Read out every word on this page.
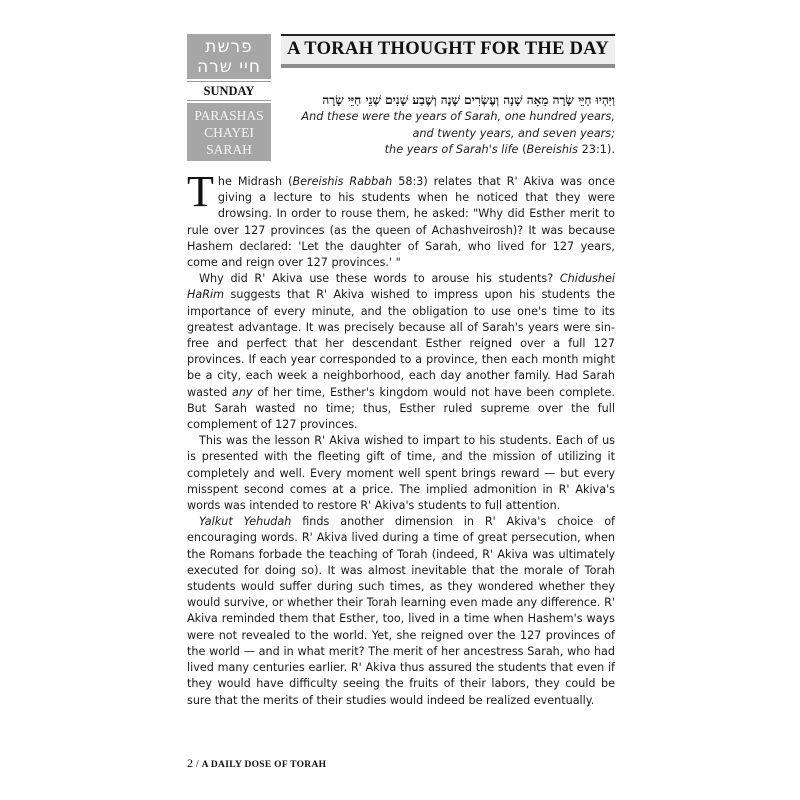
פרשת
חיי שרה
SUNDAY
PARASHAS
CHAYEI
SARAH
A TORAH THOUGHT FOR THE DAY
וַיִּהְיוּ חַיֵּי שָׂרָה מֵאָה שָׁנָה וְעֶשְׂרִים שָׁנָה וְשֶׁבַע שָׁנִים שְׁנֵי חַיֵּי שָׂרָה
And these were the years of Sarah, one hundred years,
and twenty years, and seven years;
the years of Sarah's life (Bereishis 23:1).

The Midrash (Bereishis Rabbah 58:3) relates that R' Akiva was once giving a lecture to his students when he noticed that they were drowsing. In order to rouse them, he asked: "Why did Esther merit to rule over 127 provinces (as the queen of Achashveirosh)? It was because Hashem declared: 'Let the daughter of Sarah, who lived for 127 years, come and reign over 127 provinces.' "

Why did R' Akiva use these words to arouse his students? Chidushei HaRim suggests that R' Akiva wished to impress upon his students the importance of every minute, and the obligation to use one's time to its greatest advantage. It was precisely because all of Sarah's years were sin-free and perfect that her descendant Esther reigned over a full 127 provinces. If each year corresponded to a province, then each month might be a city, each week a neighborhood, each day another family. Had Sarah wasted any of her time, Esther's kingdom would not have been complete. But Sarah wasted no time; thus, Esther ruled supreme over the full complement of 127 provinces.

This was the lesson R' Akiva wished to impart to his students. Each of us is presented with the fleeting gift of time, and the mission of utilizing it completely and well. Every moment well spent brings reward — but every misspent second comes at a price. The implied admonition in R' Akiva's words was intended to restore R' Akiva's students to full attention.

Yalkut Yehudah finds another dimension in R' Akiva's choice of encouraging words. R' Akiva lived during a time of great persecution, when the Romans forbade the teaching of Torah (indeed, R' Akiva was ultimately executed for doing so). It was almost inevitable that the morale of Torah students would suffer during such times, as they wondered whether they would survive, or whether their Torah learning even made any difference. R' Akiva reminded them that Esther, too, lived in a time when Hashem's ways were not revealed to the world. Yet, she reigned over the 127 provinces of the world — and in what merit? The merit of her ancestress Sarah, who had lived many centuries earlier. R' Akiva thus assured the students that even if they would have difficulty seeing the fruits of their labors, they could be sure that the merits of their studies would indeed be realized eventually.

2 / A DAILY DOSE OF TORAH
